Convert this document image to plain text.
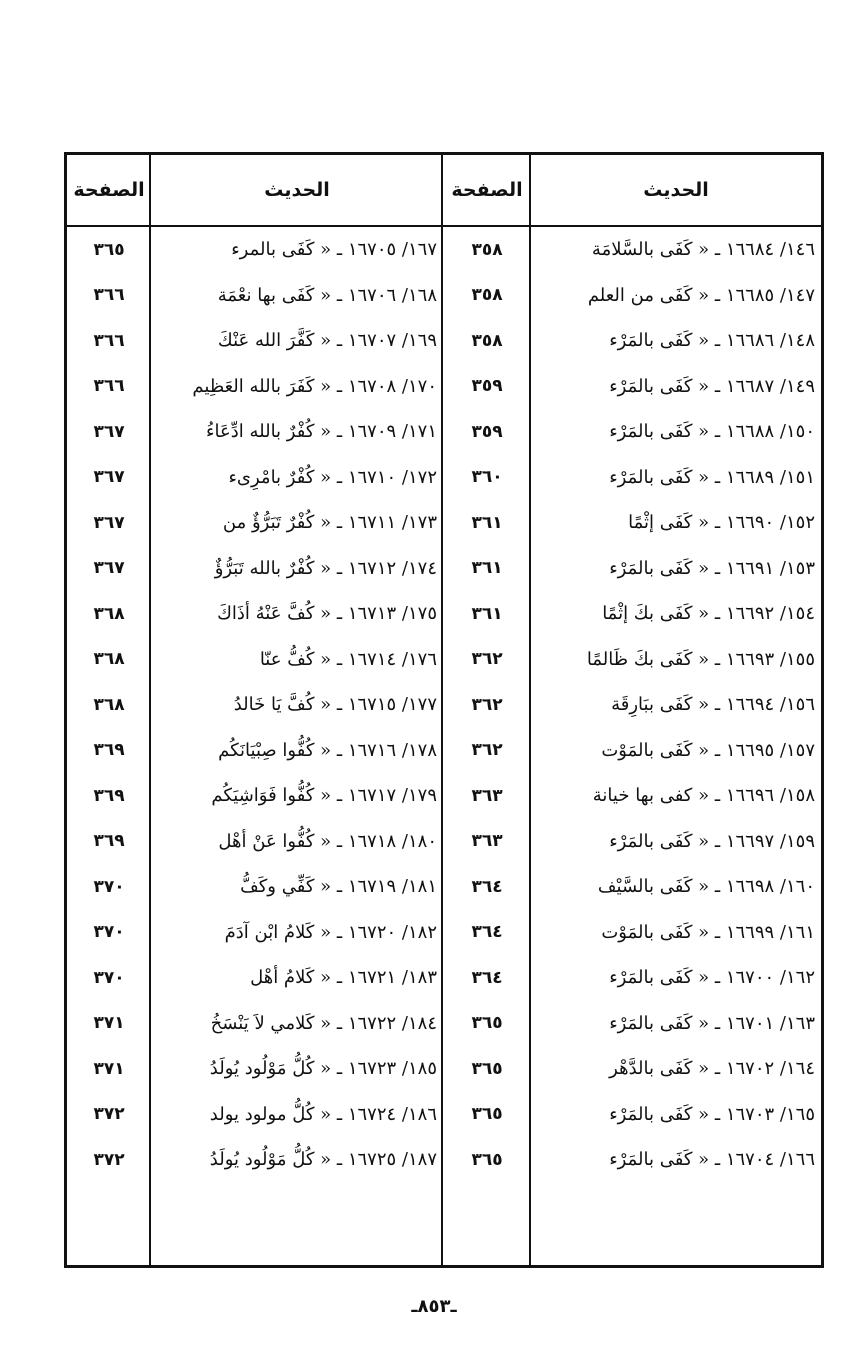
الحديث
الصفحة
الحديث
الصفحة
١٤٦/ ١٦٦٨٤ ـ « كَفَى بالسَّلامَة
٣٥٨
١٦٧/ ١٦٧٠٥ ـ « كَفَى بالمرء
٣٦٥
١٤٧/ ١٦٦٨٥ ـ « كَفَى من العلم
٣٥٨
١٦٨/ ١٦٧٠٦ ـ « كَفَى بها نعْمَة
٣٦٦
١٤٨/ ١٦٦٨٦ ـ « كَفَى بالمَرْء
٣٥٨
١٦٩/ ١٦٧٠٧ ـ « كَفَّرَ الله عَنْكَ
٣٦٦
١٤٩/ ١٦٦٨٧ ـ « كَفَى بالمَرْء
٣٥٩
١٧٠/ ١٦٧٠٨ ـ « كَفَرَ بالله العَظِيم
٣٦٦
١٥٠/ ١٦٦٨٨ ـ « كَفَى بالمَرْء
٣٥٩
١٧١/ ١٦٧٠٩ ـ « كُفْرٌ بالله ادِّعَاءُ
٣٦٧
١٥١/ ١٦٦٨٩ ـ « كَفَى بالمَرْء
٣٦٠
١٧٢/ ١٦٧١٠ ـ « كُفْرٌ بامْرِىء
٣٦٧
١٥٢/ ١٦٦٩٠ ـ « كَفَى إثْمًا
٣٦١
١٧٣/ ١٦٧١١ ـ « كُفْرٌ تَبَرُّؤٌ من
٣٦٧
١٥٣/ ١٦٦٩١ ـ « كَفَى بالمَرْء
٣٦١
١٧٤/ ١٦٧١٢ ـ « كُفْرٌ بالله تَبَرُّؤٌ
٣٦٧
١٥٤/ ١٦٦٩٢ ـ « كَفَى بكَ إثْمًا
٣٦١
١٧٥/ ١٦٧١٣ ـ « كُفَّ عَنْهُ أذَاكَ
٣٦٨
١٥٥/ ١٦٦٩٣ ـ « كَفَى بكَ ظَالمًا
٣٦٢
١٧٦/ ١٦٧١٤ ـ « كُفُّ عنّا
٣٦٨
١٥٦/ ١٦٦٩٤ ـ « كَفَى ببَارِقَة
٣٦٢
١٧٧/ ١٦٧١٥ ـ « كُفَّ يَا خَالدُ
٣٦٨
١٥٧/ ١٦٦٩٥ ـ « كَفَى بالمَوْت
٣٦٢
١٧٨/ ١٦٧١٦ ـ « كُفُّوا صِبْيَانَكُم
٣٦٩
١٥٨/ ١٦٦٩٦ ـ « كفى بها خيانة
٣٦٣
١٧٩/ ١٦٧١٧ ـ « كُفُّوا فَوَاشِيَكُم
٣٦٩
١٥٩/ ١٦٦٩٧ ـ « كَفَى بالمَرْء
٣٦٣
١٨٠/ ١٦٧١٨ ـ « كُفُّوا عَنْ أهْل
٣٦٩
١٦٠/ ١٦٦٩٨ ـ « كَفَى بالسَّيْف
٣٦٤
١٨١/ ١٦٧١٩ ـ « كَفِّي وكَفُّ
٣٧٠
١٦١/ ١٦٦٩٩ ـ « كَفَى بالمَوْت
٣٦٤
١٨٢/ ١٦٧٢٠ ـ « كَلامُ ابْن آدَمَ
٣٧٠
١٦٢/ ١٦٧٠٠ ـ « كَفَى بالمَرْء
٣٦٤
١٨٣/ ١٦٧٢١ ـ « كَلامُ أهْل
٣٧٠
١٦٣/ ١٦٧٠١ ـ « كَفَى بالمَرْء
٣٦٥
١٨٤/ ١٦٧٢٢ ـ « كَلامي لاَ يَنْسَخُ
٣٧١
١٦٤/ ١٦٧٠٢ ـ « كَفَى بالدَّهْر
٣٦٥
١٨٥/ ١٦٧٢٣ ـ « كُلُّ مَوْلُود يُولَدُ
٣٧١
١٦٥/ ١٦٧٠٣ ـ « كَفَى بالمَرْء
٣٦٥
١٨٦/ ١٦٧٢٤ ـ « كُلُّ مولود يولد
٣٧٢
١٦٦/ ١٦٧٠٤ ـ « كَفَى بالمَرْء
٣٦٥
١٨٧/ ١٦٧٢٥ ـ « كُلُّ مَوْلُود يُولَدُ
٣٧٢
ـ٨٥٣ـ
